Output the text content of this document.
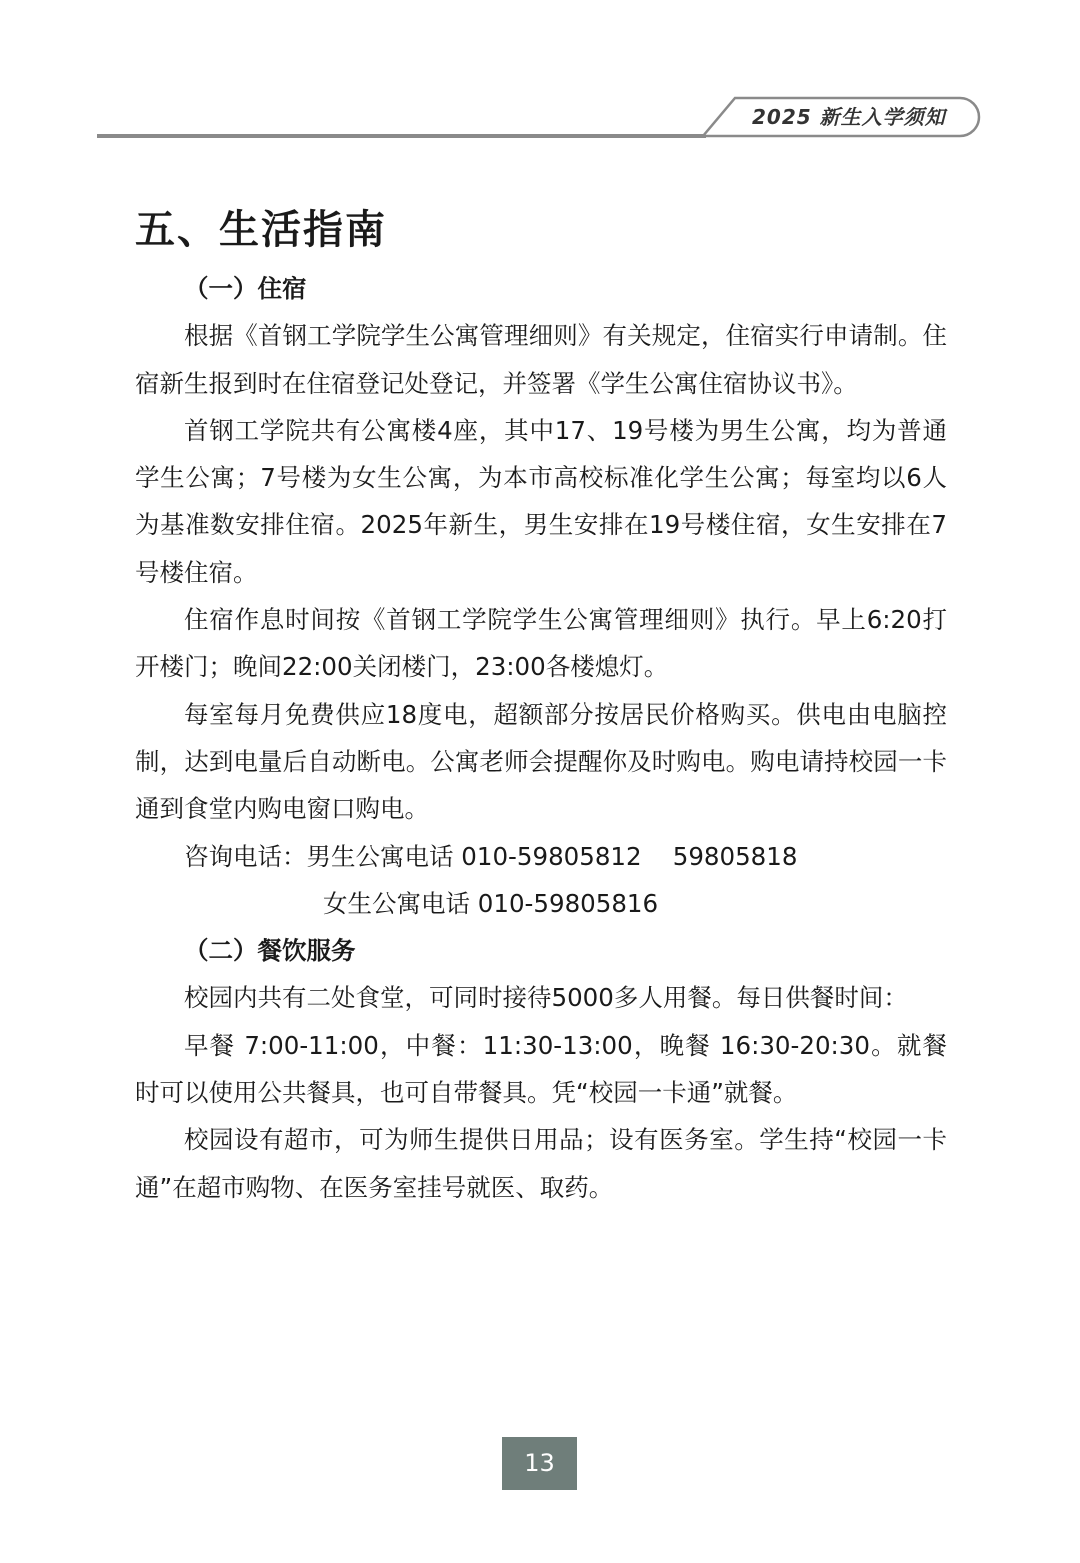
2025 新生入学须知
五、生活指南

（一）住宿

根据《首钢工学院学生公寓管理细则》有关规定，住宿实行申请制。住宿新生报到时在住宿登记处登记，并签署《学生公寓住宿协议书》。

首钢工学院共有公寓楼4座，其中17、19号楼为男生公寓，均为普通学生公寓；7号楼为女生公寓，为本市高校标准化学生公寓；每室均以6人为基准数安排住宿。2025年新生，男生安排在19号楼住宿，女生安排在7号楼住宿。

住宿作息时间按《首钢工学院学生公寓管理细则》执行。早上6:20打开楼门；晚间22:00关闭楼门，23:00各楼熄灯。

每室每月免费供应18度电，超额部分按居民价格购买。供电由电脑控制，达到电量后自动断电。公寓老师会提醒你及时购电。购电请持校园一卡通到食堂内购电窗口购电。

咨询电话：男生公寓电话 010-59805812    59805818

女生公寓电话 010-59805816

（二）餐饮服务

校园内共有二处食堂，可同时接待5000多人用餐。每日供餐时间：

早餐 7:00-11:00，中餐：11:30-13:00，晚餐 16:30-20:30。就餐时可以使用公共餐具，也可自带餐具。凭“校园一卡通”就餐。

校园设有超市，可为师生提供日用品；设有医务室。学生持“校园一卡通”在超市购物、在医务室挂号就医、取药。

13
